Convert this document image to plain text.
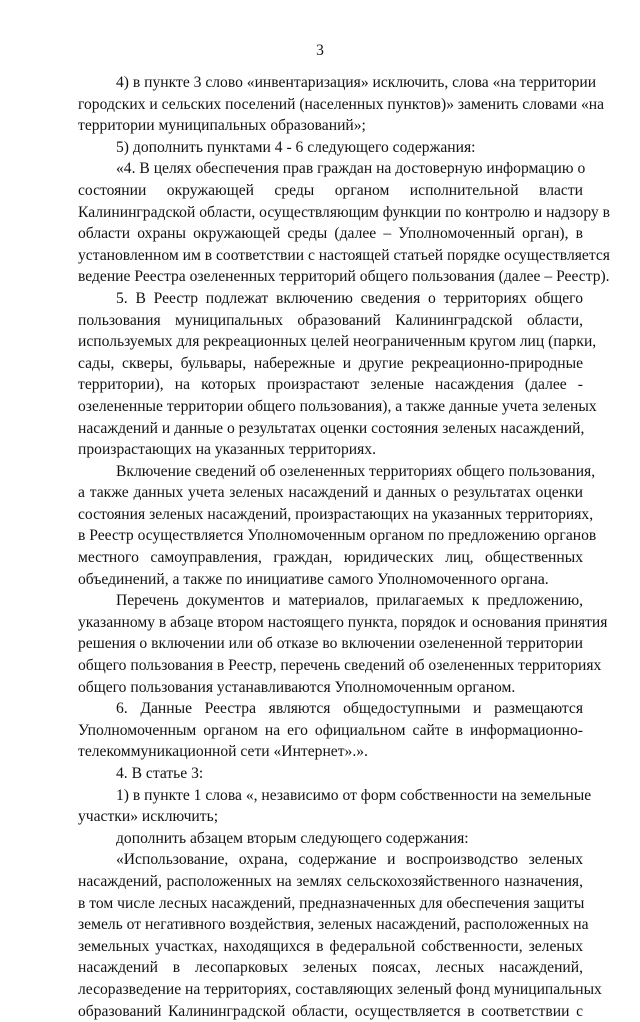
3
4) в пункте 3 слово «инвентаризация» исключить, слова «на территории
городских и сельских поселений (населенных пунктов)» заменить словами «на
территории муниципальных образований»;
5) дополнить пунктами 4 - 6 следующего содержания:
«4. В целях обеспечения прав граждан на достоверную информацию о
состоянии окружающей среды органом исполнительной власти
Калининградской области, осуществляющим функции по контролю и надзору в
области охраны окружающей среды (далее – Уполномоченный орган), в
установленном им в соответствии с настоящей статьей порядке осуществляется
ведение Реестра озелененных территорий общего пользования (далее – Реестр).
5. В Реестр подлежат включению сведения о территориях общего
пользования муниципальных образований Калининградской области,
используемых для рекреационных целей неограниченным кругом лиц (парки,
сады, скверы, бульвары, набережные и другие рекреационно-природные
территории), на которых произрастают зеленые насаждения (далее -
озелененные территории общего пользования), а также данные учета зеленых
насаждений и данные о результатах оценки состояния зеленых насаждений,
произрастающих на указанных территориях.
Включение сведений об озелененных территориях общего пользования,
а также данных учета зеленых насаждений и данных о результатах оценки
состояния зеленых насаждений, произрастающих на указанных территориях,
в Реестр осуществляется Уполномоченным органом по предложению органов
местного самоуправления, граждан, юридических лиц, общественных
объединений, а также по инициативе самого Уполномоченного органа.
Перечень документов и материалов, прилагаемых к предложению,
указанному в абзаце втором настоящего пункта, порядок и основания принятия
решения о включении или об отказе во включении озелененной территории
общего пользования в Реестр, перечень сведений об озелененных территориях
общего пользования устанавливаются Уполномоченным органом.
6. Данные Реестра являются общедоступными и размещаются
Уполномоченным органом на его официальном сайте в информационно-
телекоммуникационной сети «Интернет».».
4. В статье 3:
1) в пункте 1 слова «, независимо от форм собственности на земельные
участки» исключить;
дополнить абзацем вторым следующего содержания:
«Использование, охрана, содержание и воспроизводство зеленых
насаждений, расположенных на землях сельскохозяйственного назначения,
в том числе лесных насаждений, предназначенных для обеспечения защиты
земель от негативного воздействия, зеленых насаждений, расположенных на
земельных участках, находящихся в федеральной собственности, зеленых
насаждений в лесопарковых зеленых поясах, лесных насаждений,
лесоразведение на территориях, составляющих зеленый фонд муниципальных
образований Калининградской области, осуществляется в соответствии с
